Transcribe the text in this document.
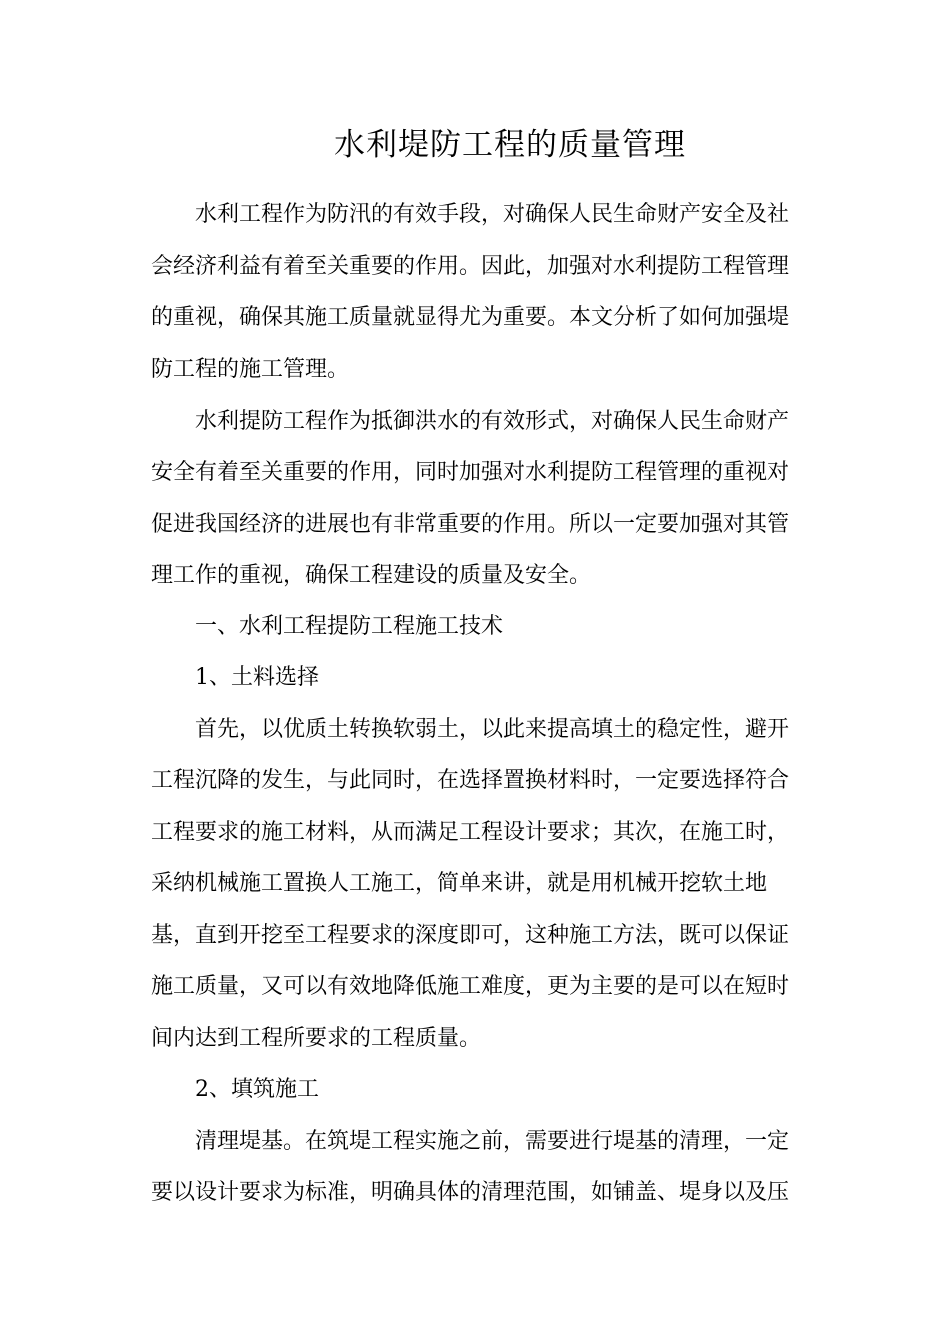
水利堤防工程的质量管理
水利工程作为防汛的有效手段，对确保人民生命财产安全及社
会经济利益有着至关重要的作用。因此，加强对水利提防工程管理
的重视，确保其施工质量就显得尤为重要。本文分析了如何加强堤
防工程的施工管理。
水利提防工程作为抵御洪水的有效形式，对确保人民生命财产
安全有着至关重要的作用，同时加强对水利提防工程管理的重视对
促进我国经济的进展也有非常重要的作用。所以一定要加强对其管
理工作的重视，确保工程建设的质量及安全。
一、水利工程提防工程施工技术
1、土料选择
首先，以优质土转换软弱土，以此来提高填土的稳定性，避开
工程沉降的发生，与此同时，在选择置换材料时，一定要选择符合
工程要求的施工材料，从而满足工程设计要求；其次，在施工时，
采纳机械施工置换人工施工，简单来讲，就是用机械开挖软土地
基，直到开挖至工程要求的深度即可，这种施工方法，既可以保证
施工质量，又可以有效地降低施工难度，更为主要的是可以在短时
间内达到工程所要求的工程质量。
2、填筑施工
清理堤基。在筑堤工程实施之前，需要进行堤基的清理，一定
要以设计要求为标准，明确具体的清理范围，如铺盖、堤身以及压
